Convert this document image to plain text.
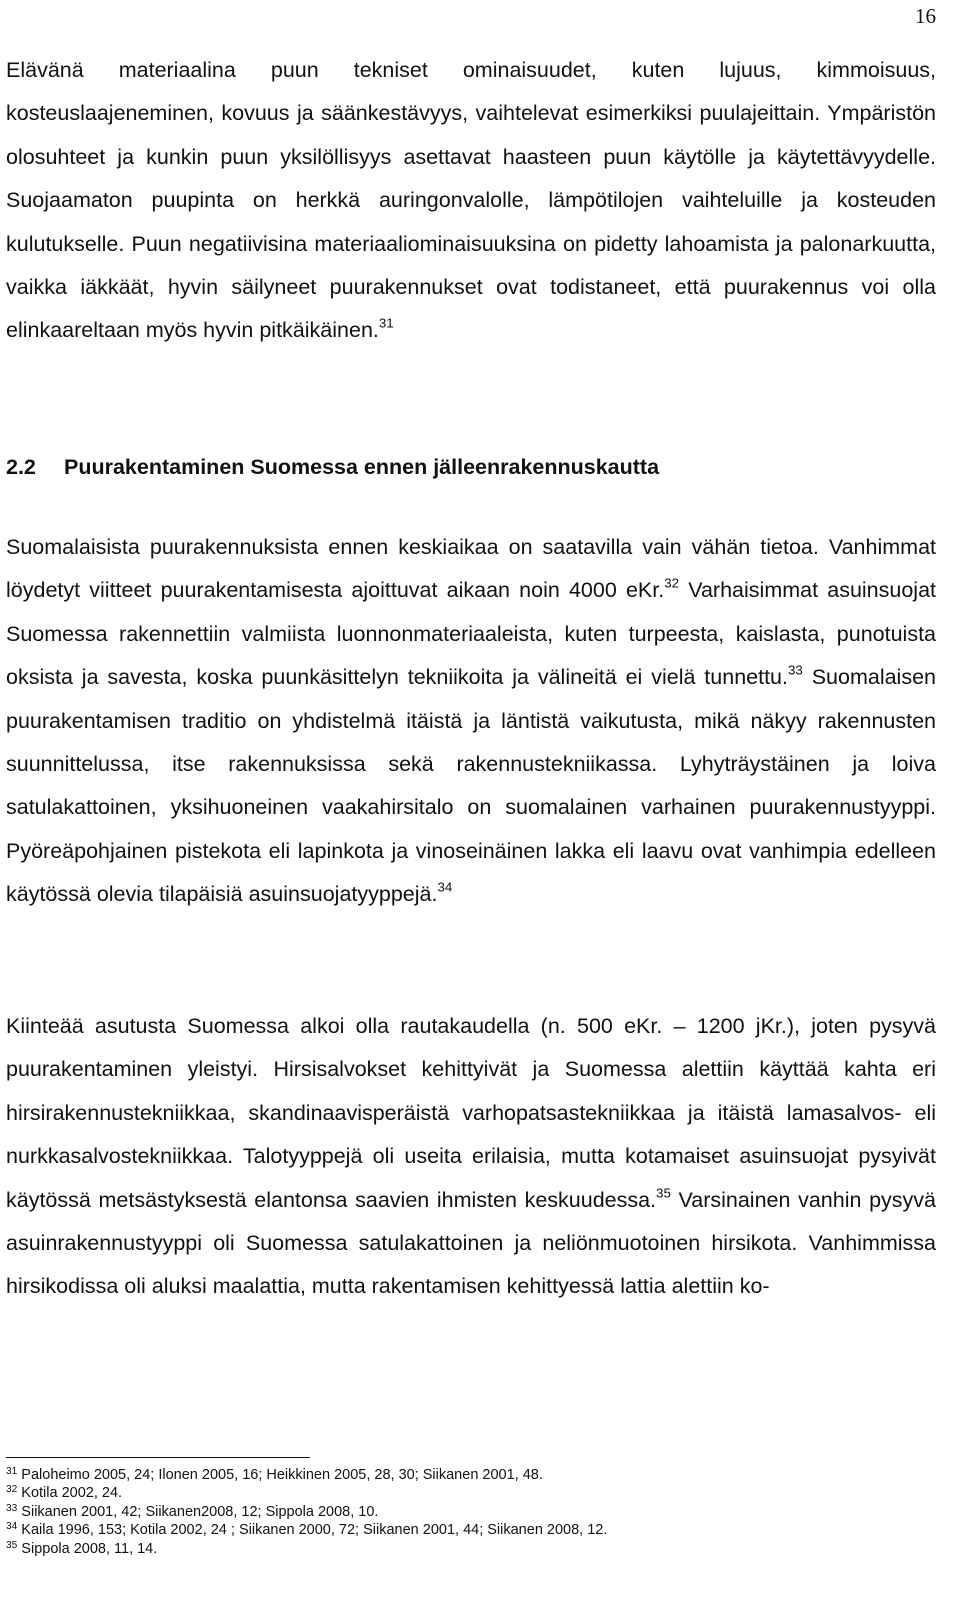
16
Elävänä materiaalina puun tekniset ominaisuudet, kuten lujuus, kimmoisuus, kosteuslaajeneminen, kovuus ja säänkestävyys, vaihtelevat esimerkiksi puulajeittain. Ympäristön olosuhteet ja kunkin puun yksilöllisyys asettavat haasteen puun käytölle ja käytettävyydelle. Suojaamaton puupinta on herkkä auringonvalolle, lämpötilojen vaihteluille ja kosteuden kulutukselle. Puun negatiivisina materiaaliominaisuuksina on pidetty lahoamista ja palonarkuutta, vaikka iäkkäät, hyvin säilyneet puurakennukset ovat todistaneet, että puurakennus voi olla elinkaareltaan myös hyvin pitkäikäinen.$^{31}$
2.2 Puurakentaminen Suomessa ennen jälleenrakennuskautta
Suomalaisista puurakennuksista ennen keskiaikaa on saatavilla vain vähän tietoa. Vanhimmat löydetyt viitteet puurakentamisesta ajoittuvat aikaan noin 4000 eKr.$^{32}$ Varhaisimmat asuinsuojat Suomessa rakennettiin valmiista luonnonmateriaaleista, kuten turpeesta, kaislasta, punotuista oksista ja savesta, koska puunkäsittelyn tekniikoita ja välineitä ei vielä tunnettu.$^{33}$ Suomalaisen puurakentamisen traditio on yhdistelmä itäistä ja läntistä vaikutusta, mikä näkyy rakennusten suunnittelussa, itse rakennuksissa sekä rakennustekniikassa. Lyhyträystäinen ja loiva satulakattoinen, yksihuoneinen vaakahirsitalo on suomalainen varhainen puurakennustyyppi. Pyöreäpohjainen pistekota eli lapinkota ja vinoseinäinen lakka eli laavu ovat vanhimpia edelleen käytössä olevia tilapäisiä asuinsuojatyyppejä.$^{34}$
Kiinteää asutusta Suomessa alkoi olla rautakaudella (n. 500 eKr. – 1200 jKr.), joten pysyvä puurakentaminen yleistyi. Hirsisalvokset kehittyivät ja Suomessa alettiin käyttää kahta eri hirsirakennustekniikkaa, skandinaavisperäistä varhopatsastekniikkaa ja itäistä lamasalvos- eli nurkkasalvostekniikkaa. Talotyyppejä oli useita erilaisia, mutta kotamaiset asuinsuojat pysyivät käytössä metsästyksestä elantonsa saavien ihmisten keskuudessa.$^{35}$ Varsinainen vanhin pysyvä asuinrakennustyyppi oli Suomessa satulakattoinen ja neliönmuotoinen hirsikota. Vanhimmissa hirsikodissa oli aluksi maalattia, mutta rakentamisen kehittyessä lattia alettiin ko-
$^{31}$ Paloheimo 2005, 24; Ilonen 2005, 16; Heikkinen 2005, 28, 30; Siikanen 2001, 48.
$^{32}$ Kotila 2002, 24.
$^{33}$ Siikanen 2001, 42; Siikanen2008, 12; Sippola 2008, 10.
$^{34}$ Kaila 1996, 153; Kotila 2002, 24 ; Siikanen 2000, 72; Siikanen 2001, 44; Siikanen 2008, 12.
$^{35}$ Sippola 2008, 11, 14.
